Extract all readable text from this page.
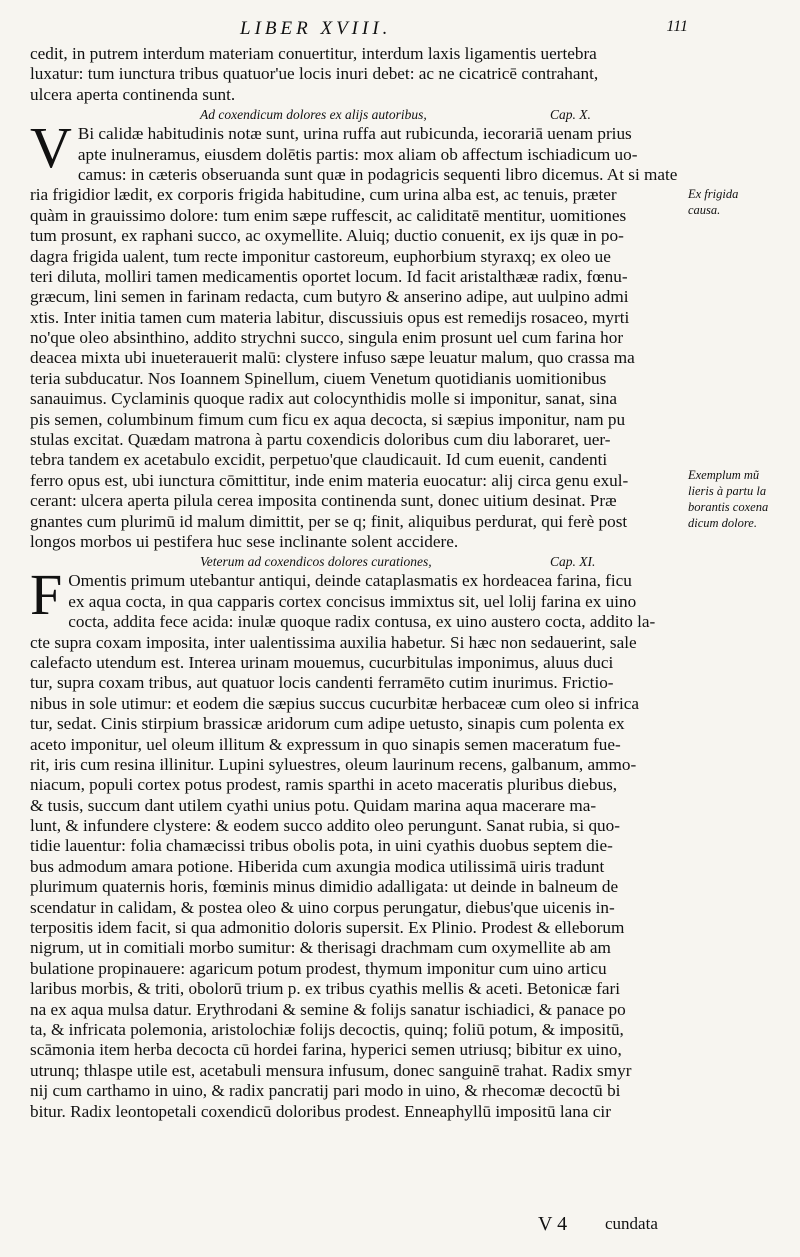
LIBER XVIII.	111
cedit, in putrem interdum materiam conuertitur, interdum laxis ligamentis uertebra
luxatur: tum iunctura tribus quatuor'ue locis inuri debet: ac ne cicatricē contrahant,
ulcera aperta continenda sunt.
Ad coxendicum dolores ex alijs autoribus,	Cap. X.
V Bi calidæ habitudinis notæ sunt, urina ruffa aut rubicunda, iecorariā uenam prius
apte inulneramus, eiusdem dolētis partis: mox aliam ob affectum ischiadicum uo-
camus: in cæteris obseruanda sunt quæ in podagricis sequenti libro dicemus. At si mate
ria frigidior lædit, ex corporis frigida habitudine, cum urina alba est, ac tenuis, præter
quàm in grauissimo dolore: tum enim sæpe ruffescit, ac caliditatē mentitur, uomitiones
tum prosunt, ex raphani succo, ac oxymellite. Aluiq; ductio conuenit, ex ijs quæ in po-
dagra frigida ualent, tum recte imponitur castoreum, euphorbium styraxq; ex oleo ue
teri diluta, molliri tamen medicamentis oportet locum. Id facit aristalthææ radix, fœnu-
græcum, lini semen in farinam redacta, cum butyro & anserino adipe, aut uulpino admi
xtis. Inter initia tamen cum materia labitur, discussiuis opus est remedijs rosaceo, myrti
no'que oleo absinthino, addito strychni succo, singula enim prosunt uel cum farina hor
deacea mixta ubi inueterauerit malū: clystere infuso sæpe leuatur malum, quo crassa ma
teria subducatur. Nos Ioannem Spinellum, ciuem Venetum quotidianis uomitionibus
sanauimus. Cyclaminis quoque radix aut colocynthidis molle si imponitur, sanat, sina
pis semen, columbinum fimum cum ficu ex aqua decocta, si sæpius imponitur, nam pu
stulas excitat. Quædam matrona à partu coxendicis doloribus cum diu laboraret, uer-
tebra tandem ex acetabulo excidit, perpetuo'que claudicauit. Id cum euenit, candenti
ferro opus est, ubi iunctura cōmittitur, inde enim materia euocatur: alij circa genu exul-
cerant: ulcera aperta pilula cerea imposita continenda sunt, donec uitium desinat. Præ
gnantes cum plurimū id malum dimittit, per se q; finit, aliquibus perdurat, qui ferè post
longos morbos ui pestifera huc sese inclinante solent accidere.
Veterum ad coxendicos dolores curationes,	Cap. XI.
F Omentis primum utebantur antiqui, deinde cataplasmatis ex hordeacea farina, ficu
ex aqua cocta, in qua capparis cortex concisus immixtus sit, uel lolij farina ex uino
cocta, addita fece acida: inulæ quoque radix contusa, ex uino austero cocta, addito la-
cte supra coxam imposita, inter ualentissima auxilia habetur. Si hæc non sedauerint, sale
calefacto utendum est. Interea urinam mouemus, cucurbitulas imponimus, aluus duci
tur, supra coxam tribus, aut quatuor locis candenti ferramēto cutim inurimus. Frictio-
nibus in sole utimur: et eodem die sæpius succus cucurbitæ herbaceæ cum oleo si infrica
tur, sedat. Cinis stirpium brassicæ aridorum cum adipe uetusto, sinapis cum polenta ex
aceto imponitur, uel oleum illitum & expressum in quo sinapis semen maceratum fue-
rit, iris cum resina illinitur. Lupini syluestres, oleum laurinum recens, galbanum, ammo-
niacum, populi cortex potus prodest, ramis sparthi in aceto maceratis pluribus diebus,
& tusis, succum dant utilem cyathi unius potu. Quidam marina aqua macerare ma-
lunt, & infundere clystere: & eodem succo addito oleo perungunt. Sanat rubia, si quo-
tidie lauentur: folia chamæcissi tribus obolis pota, in uini cyathis duobus septem die-
bus admodum amara potione. Hiberida cum axungia modica utilissimā uiris tradunt
plurimum quaternis horis, fœminis minus dimidio adalligata: ut deinde in balneum de
scendatur in calidam, & postea oleo & uino corpus perungatur, diebus'que uicenis in-
terpositis idem facit, si qua admonitio doloris supersit. Ex Plinio. Prodest & elleborum
nigrum, ut in comitiali morbo sumitur: & therisagi drachmam cum oxymellite ab am
bulatione propinauere: agaricum potum prodest, thymum imponitur cum uino articu
laribus morbis, & triti, obolorū trium p. ex tribus cyathis mellis & aceti. Betonicæ fari
na ex aqua mulsa datur. Erythrodani & semine & folijs sanatur ischiadici, & panace po
ta, & infricata polemonia, aristolochiæ folijs decoctis, quinq; foliū potum, & impositū,
scāmonia item herba decocta cū hordei farina, hyperici semen utriusq; bibitur ex uino,
utrunq; thlaspe utile est, acetabuli mensura infusum, donec sanguinē trahat. Radix smyr
nij cum carthamo in uino, & radix pancratij pari modo in uino, & rhecomæ decoctū bi
bitur. Radix leontopetali coxendicū doloribus prodest. Enneaphyllū impositū lana cir
Ex frigida
causa.
Exemplum mũ
lieris à partu la
borantis coxena
dicum dolore.
V 4 cundata
